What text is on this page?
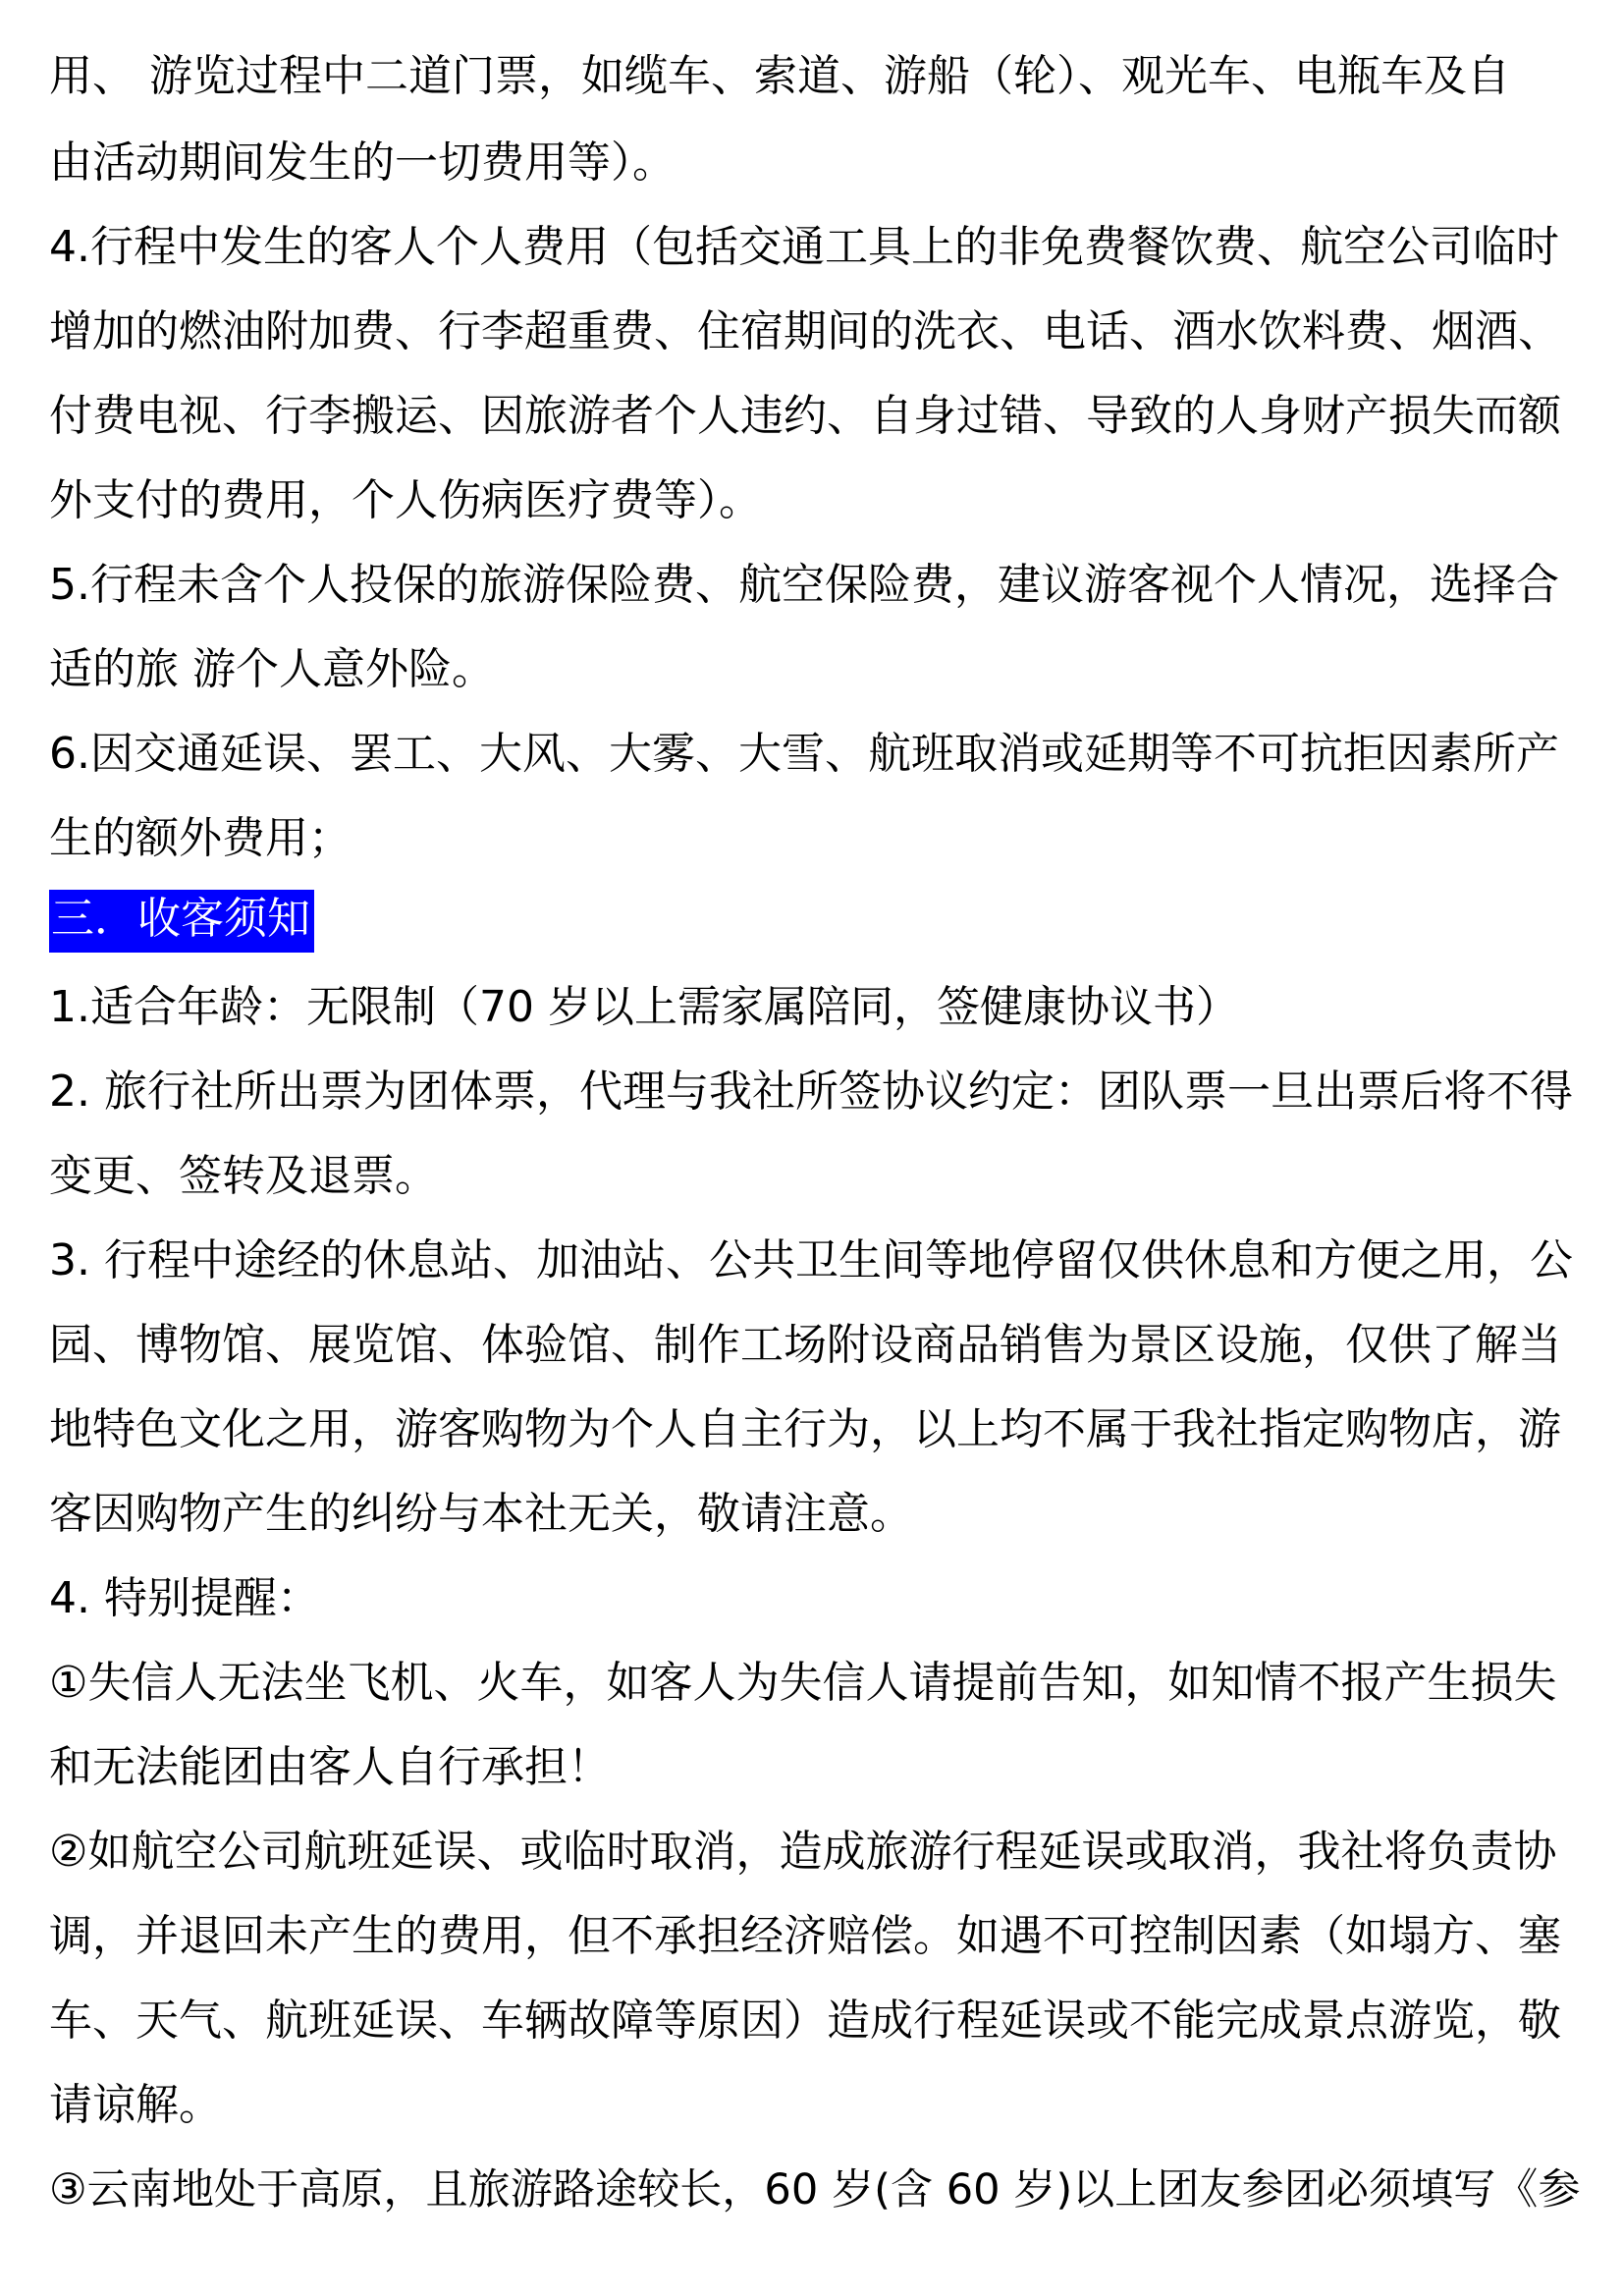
用、 游览过程中二道门票，如缆车、索道、游船（轮）、观光车、电瓶车及自
由活动期间发生的一切费用等）。
4.行程中发生的客人个人费用（包括交通工具上的非免费餐饮费、航空公司临时
增加的燃油附加费、行李超重费、住宿期间的洗衣、电话、酒水饮料费、烟酒、
付费电视、行李搬运、因旅游者个人违约、自身过错、导致的人身财产损失而额
外支付的费用，个人伤病医疗费等）。
5.行程未含个人投保的旅游保险费、航空保险费，建议游客视个人情况，选择合
适的旅 游个人意外险。
6.因交通延误、罢工、大风、大雾、大雪、航班取消或延期等不可抗拒因素所产
生的额外费用；
三．收客须知
1.适合年龄：无限制（70 岁以上需家属陪同，签健康协议书）
2. 旅行社所出票为团体票，代理与我社所签协议约定：团队票一旦出票后将不得
变更、签转及退票。
3. 行程中途经的休息站、加油站、公共卫生间等地停留仅供休息和方便之用，公
园、博物馆、展览馆、体验馆、制作工场附设商品销售为景区设施，仅供了解当
地特色文化之用，游客购物为个人自主行为，以上均不属于我社指定购物店，游
客因购物产生的纠纷与本社无关，敬请注意。
4. 特别提醒：
①失信人无法坐飞机、火车，如客人为失信人请提前告知，如知情不报产生损失
和无法能团由客人自行承担！
②如航空公司航班延误、或临时取消，造成旅游行程延误或取消，我社将负责协
调，并退回未产生的费用，但不承担经济赔偿。如遇不可控制因素（如塌方、塞
车、天气、航班延误、车辆故障等原因）造成行程延误或不能完成景点游览，敬
请谅解。
③云南地处于高原，且旅游路途较长，60 岁(含 60 岁)以上团友参团必须填写《参
